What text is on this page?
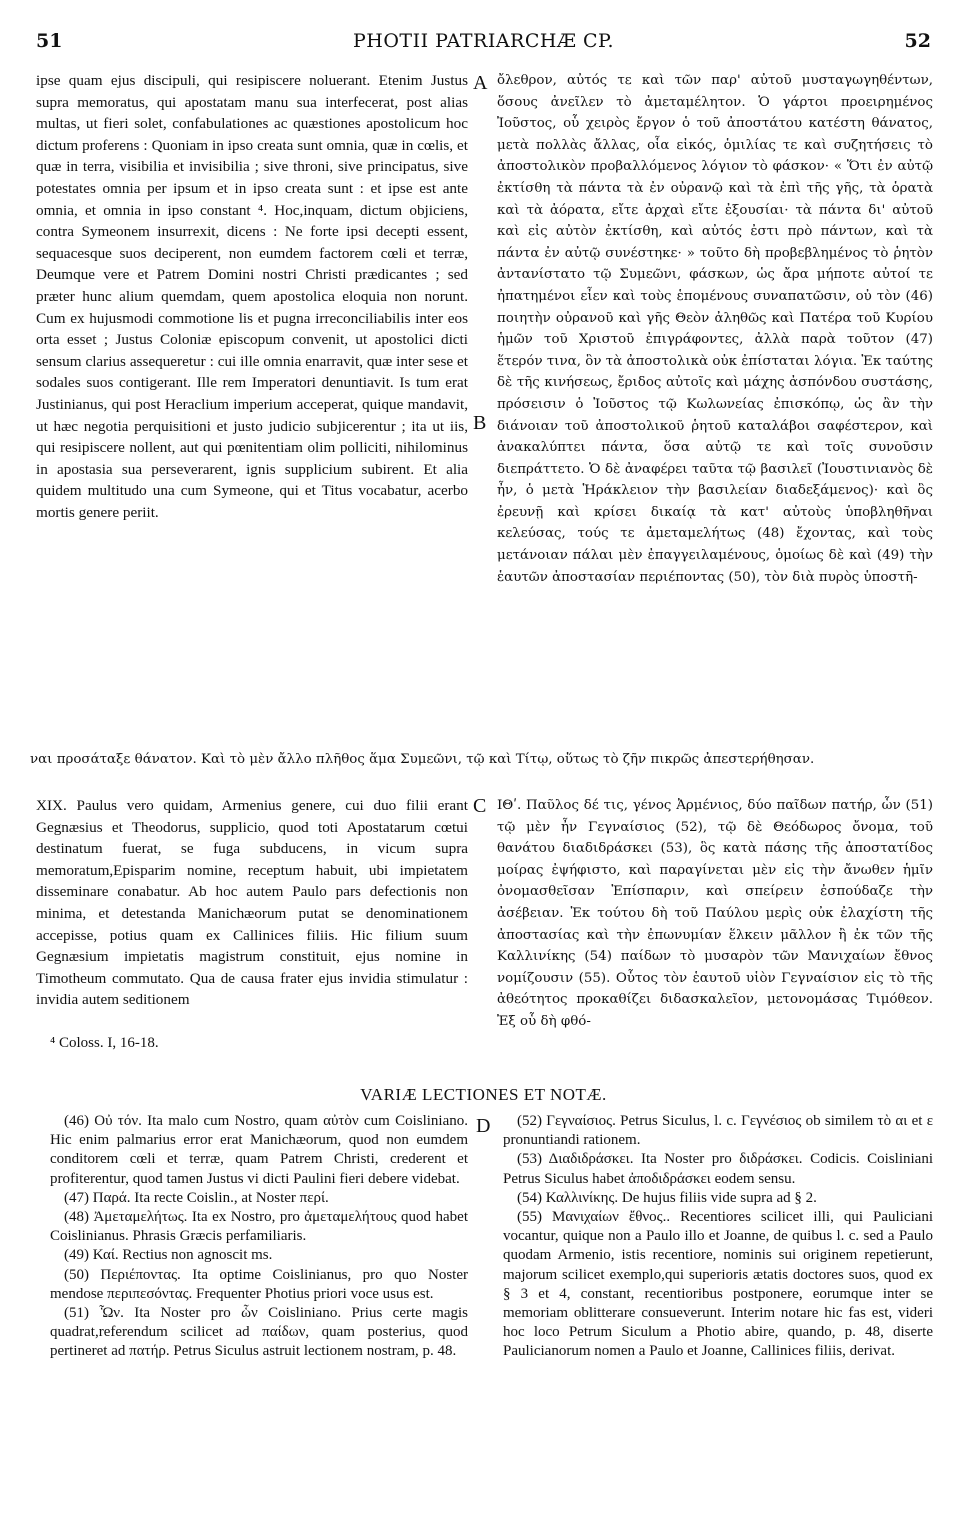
51	PHOTII PATRIARCHÆ CP.	52
ipse quam ejus discipuli, qui resipiscere noluerant. Etenim Justus supra memoratus, qui apostatam manu sua interfecerat, post alias multas, ut fieri solet, confabulationes ac quæstiones apostolicum hoc dictum proferens : Quoniam in ipso creata sunt omnia, quæ in cœlis, et quæ in terra, visibilia et invisibilia ; sive throni, sive principatus, sive potestates omnia per ipsum et in ipso creata sunt : et ipse est ante omnia, et omnia in ipso constant ⁴. Hoc,inquam, dictum objiciens, contra Symeonem insurrexit, dicens : Ne forte ipsi decepti essent, sequacesque suos deciperent, non eumdem factorem cœli et terræ, Deumque vere et Patrem Domini nostri Christi prædicantes ; sed præter hunc alium quemdam, quem apostolica eloquia non norunt. Cum ex hujusmodi commotione lis et pugna irreconciliabilis inter eos orta esset ; Justus Coloniæ episcopum convenit, ut apostolici dicti sensum clarius assequeretur : cui ille omnia enarravit, quæ inter sese et sodales suos contigerant. Ille rem Imperatori denuntiavit. Is tum erat Justinianus, qui post Heraclium imperium acceperat, quique mandavit, ut hæc negotia perquisitioni et justo judicio subjicerentur ; ita ut iis, qui resipiscere nollent, aut qui pœnitentiam olim polliciti, nihilominus in apostasia sua perseverarent, ignis supplicium subirent. Et alia quidem multitudo una cum Symeone, qui et Titus vocabatur, acerbo mortis genere periit.
ὄλεθρον, αὐτός τε καὶ τῶν παρ' αὐτοῦ μυσταγωγηθέντων, ὅσους ἀνεῖλεν τὸ ἀμεταμέλητον. Ὁ γάρτοι προειρημένος Ἰοῦστος, οὗ χειρὸς ἔργον ὁ τοῦ ἀποστάτου κατέστη θάνατος, μετὰ πολλὰς ἄλλας, οἷα εἰκός, ὁμιλίας τε καὶ συζητήσεις τὸ ἀποστολικὸν προβαλλόμενος λόγιον τὸ φάσκον· « Ὅτι ἐν αὐτῷ ἐκτίσθη τὰ πάντα τὰ ἐν οὐρανῷ καὶ τὰ ἐπὶ τῆς γῆς, τὰ ὁρατὰ καὶ τὰ ἀόρατα, εἴτε ἀρχαὶ εἴτε ἐξουσίαι· τὰ πάντα δι' αὐτοῦ καὶ εἰς αὐτὸν ἐκτίσθη, καὶ αὐτός ἐστι πρὸ πάντων, καὶ τὰ πάντα ἐν αὐτῷ συνέστηκε· » τοῦτο δὴ προβεβλημένος τὸ ῥητὸν ἀντανίστατο τῷ Συμεῶνι, φάσκων, ὡς ἄρα μήποτε αὐτοί τε ἠπατημένοι εἶεν καὶ τοὺς ἑπομένους συναπατῶσιν, οὐ τὸν (46) ποιητὴν οὐρανοῦ καὶ γῆς Θεὸν ἀληθῶς καὶ Πατέρα τοῦ Κυρίου ἡμῶν τοῦ Χριστοῦ ἐπιγράφοντες, ἀλλὰ παρὰ τοῦτον (47) ἕτερόν τινα, ὃν τὰ ἀποστολικὰ οὐκ ἐπίσταται λόγια. Ἐκ ταύτης δὲ τῆς κινήσεως, ἔριδος αὐτοῖς καὶ μάχης ἀσπόνδου συστάσης, πρόσεισιν ὁ Ἰοῦστος τῷ Κωλωνείας ἐπισκόπῳ, ὡς ἂν τὴν διάνοιαν τοῦ ἀποστολικοῦ ῥητοῦ καταλάβοι σαφέστερον, καὶ ἀνακαλύπτει πάντα, ὅσα αὐτῷ τε καὶ τοῖς συνοῦσιν διεπράττετο. Ὁ δὲ ἀναφέρει ταῦτα τῷ βασιλεῖ (Ἰουστινιανὸς δὲ ἦν, ὁ μετὰ Ἡράκλειον τὴν βασιλείαν διαδεξάμενος)· καὶ ὃς ἐρευνῇ καὶ κρίσει δικαίᾳ τὰ κατ' αὐτοὺς ὑποβληθῆναι κελεύσας, τούς τε ἀμεταμελήτως (48) ἔχοντας, καὶ τοὺς μετάνοιαν πάλαι μὲν ἐπαγγειλαμένους, ὁμοίως δὲ καὶ (49) τὴν ἑαυτῶν ἀποστασίαν περιέποντας (50), τὸν διὰ πυρὸς ὑποστῆ-
A
B
C
D
ναι προσάταξε θάνατον. Καὶ τὸ μὲν ἄλλο πλῆθος ἅμα Συμεῶνι, τῷ καὶ Τίτῳ, οὕτως τὸ ζῆν πικρῶς ἀπεστερήθησαν.
XIX. Paulus vero quidam, Armenius genere, cui duo filii erant Gegnæsius et Theodorus, supplicio, quod toti Apostatarum cœtui destinatum fuerat, se fuga subducens, in vicum supra memoratum,Episparim nomine, receptum habuit, ubi impietatem disseminare conabatur. Ab hoc autem Paulo pars defectionis non minima, et detestanda Manichæorum putat se denominationem accepisse, potius quam ex Callinices filiis. Hic filium suum Gegnæsium impietatis magistrum constituit, ejus nomine in Timotheum commutato. Qua de causa frater ejus invidia stimulatur : invidia autem seditionem
ΙΘʹ. Παῦλος δέ τις, γένος Ἀρμένιος, δύο παῖδων πατήρ, ὧν (51) τῷ μὲν ἦν Γεγναίσιος (52), τῷ δὲ Θεόδωρος ὄνομα, τοῦ θανάτου διαδιδράσκει (53), ὃς κατὰ πάσης τῆς ἀποστατίδος μοίρας ἐψήφιστο, καὶ παραγίνεται μὲν εἰς τὴν ἄνωθεν ἡμῖν ὀνομασθεῖσαν Ἐπίσπαριν, καὶ σπείρειν ἐσπούδαζε τὴν ἀσέβειαν. Ἐκ τούτου δὴ τοῦ Παύλου μερὶς οὐκ ἐλαχίστη τῆς ἀποστασίας καὶ τὴν ἐπωνυμίαν ἕλκειν μᾶλλον ἢ ἐκ τῶν τῆς Καλλινίκης (54) παίδων τὸ μυσαρὸν τῶν Μανιχαίων ἔθνος νομίζουσιν (55). Οὗτος τὸν ἑαυτοῦ υἱὸν Γεγναίσιον εἰς τὸ τῆς ἀθεότητος προκαθίζει διδασκαλεῖον, μετονομάσας Τιμόθεον. Ἐξ οὗ δὴ φθό-
⁴ Coloss. I, 16-18.
VARIÆ LECTIONES ET NOTÆ.

(46) Οὐ τόν. Ita malo cum Nostro, quam αὐτὸν cum Coisliniano. Hic enim palmarius error erat Manichæorum, quod non eumdem conditorem cœli et terræ, quam Patrem Christi, crederent et profiterentur, quod tamen Justus vi dicti Paulini fieri debere videbat.

(47) Παρά. Ita recte Coislin., at Noster περί.

(48) Ἀμεταμελήτως. Ita ex Nostro, pro ἀμεταμελήτους quod habet Coislinianus. Phrasis Græcis perfamiliaris.

(49) Καί. Rectius non agnoscit ms.

(50) Περιέποντας. Ita optime Coislinianus, pro quo Noster mendose περιπεσόντας. Frequenter Photius priori voce usus est.

(51) Ὧν. Ita Noster pro ὧν Coisliniano. Prius certe magis quadrat,referendum scilicet ad παίδων, quam posterius, quod pertineret ad πατήρ. Petrus Siculus astruit lectionem nostram, p. 48.

(52) Γεγναίσιος. Petrus Siculus, l. c. Γεγνέσιος ob similem τὸ αι et ε pronuntiandi rationem.

(53) Διαδιδράσκει. Ita Noster pro διδράσκει. Codicis. Coisliniani Petrus Siculus habet ἀποδιδράσκει eodem sensu.

(54) Καλλινίκης. De hujus filiis vide supra ad § 2.

(55) Μανιχαίων ἔθνος.. Recentiores scilicet illi, qui Pauliciani vocantur, quique non a Paulo illo et Joanne, de quibus l. c. sed a Paulo quodam Armenio, istis recentiore, nominis sui originem repetierunt, majorum scilicet exemplo,qui superioris ætatis doctores suos, quod ex § 3 et 4, constant, recentioribus postponere, eorumque inter se memoriam oblitterare consueverunt. Interim notare hic fas est, videri hoc loco Petrum Siculum a Photio abire, quando, p. 48, diserte Paulicianorum nomen a Paulo et Joanne, Callinices filiis, derivat.
